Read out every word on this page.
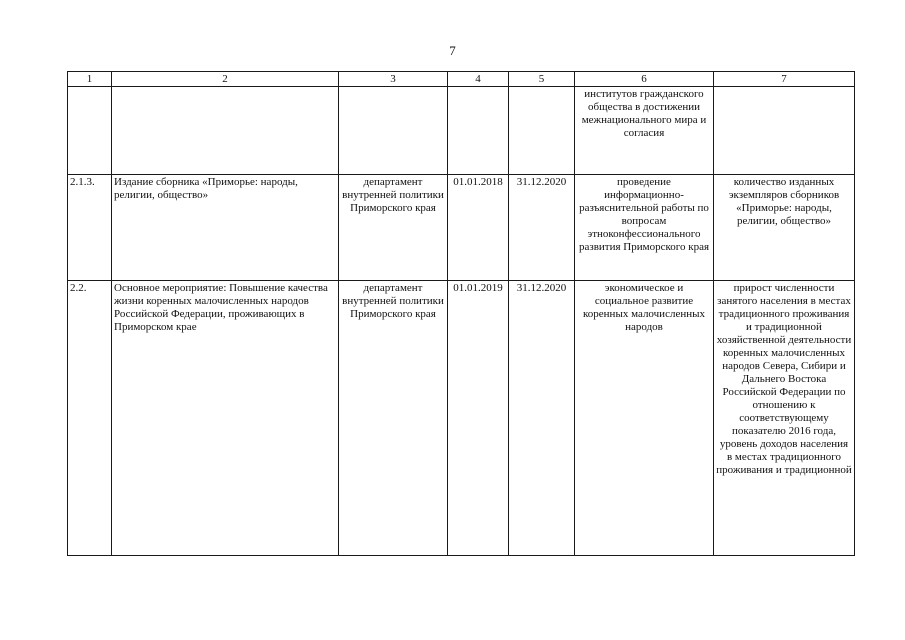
7
1	2	3	4	5	6	7
					институтов гражданского общества в достижении межнационального мира и согласия	
2.1.3.	Издание сборника «Приморье: народы, религии, общество»	департамент внутренней политики Приморского края	01.01.2018	31.12.2020	проведение информационно-разъяснительной работы по вопросам этноконфессионального развития Приморского края	количество изданных экземпляров сборников «Приморье: народы, религии, общество»
2.2.	Основное мероприятие: Повышение качества жизни коренных малочисленных народов Российской Федерации, проживающих в Приморском крае	департамент внутренней политики Приморского края	01.01.2019	31.12.2020	экономическое и социальное развитие коренных малочисленных народов	прирост численности занятого населения в местах традиционного проживания и традиционной хозяйственной деятельности коренных малочисленных народов Севера, Сибири и Дальнего Востока Российской Федерации по отношению к соответствующему показателю 2016 года, уровень доходов населения в местах традиционного проживания и традиционной
